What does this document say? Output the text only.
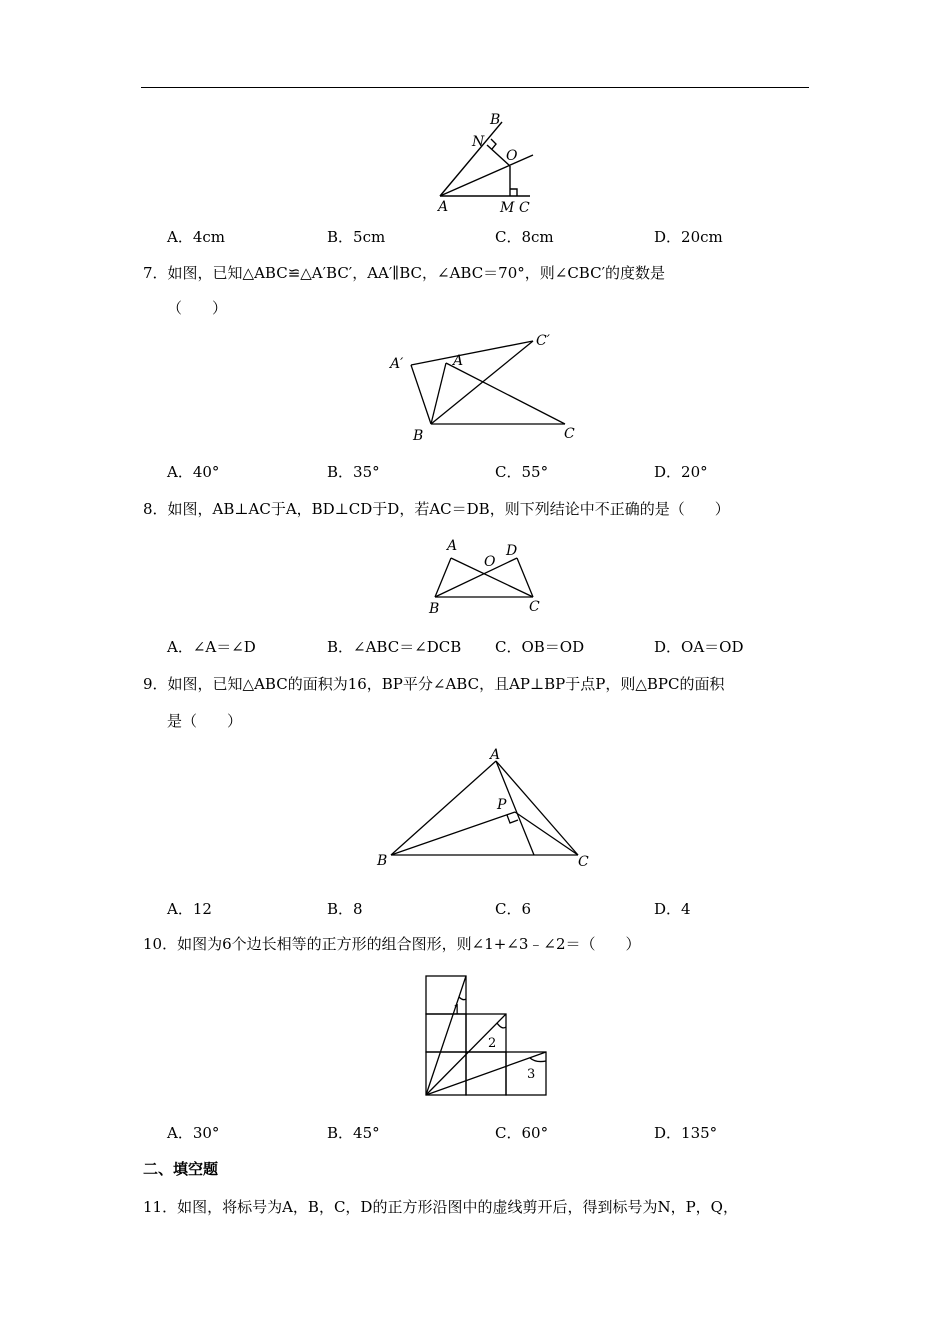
B
N
O
A	M C
A．4cm	B．5cm	C．8cm	D．20cm
7．如图，已知△ABC≌△A′BC′，AA′∥BC，∠ABC＝70°，则∠CBC′的度数是
（　　）
A′	A
C′
B	C
A．40°	B．35°	C．55°	D．20°
8．如图，AB⊥AC于A，BD⊥CD于D，若AC＝DB，则下列结论中不正确的是（　　）
A
O
D
B	C
A．∠A＝∠D	B．∠ABC＝∠DCB C．OB＝OD	D．OA＝OD
9．如图，已知△ABC的面积为16，BP平分∠ABC，且AP⊥BP于点P，则△BPC的面积
是（　　）
A
P
B	C
A．12	B．8	C．6	D．4
10．如图为6个边长相等的正方形的组合图形，则∠1+∠3﹣∠2＝（　　）
1
2
3
A．30°	B．45°	C．60°	D．135°
二、填空题
11．如图，将标号为A，B，C，D的正方形沿图中的虚线剪开后，得到标号为N，P，Q，
